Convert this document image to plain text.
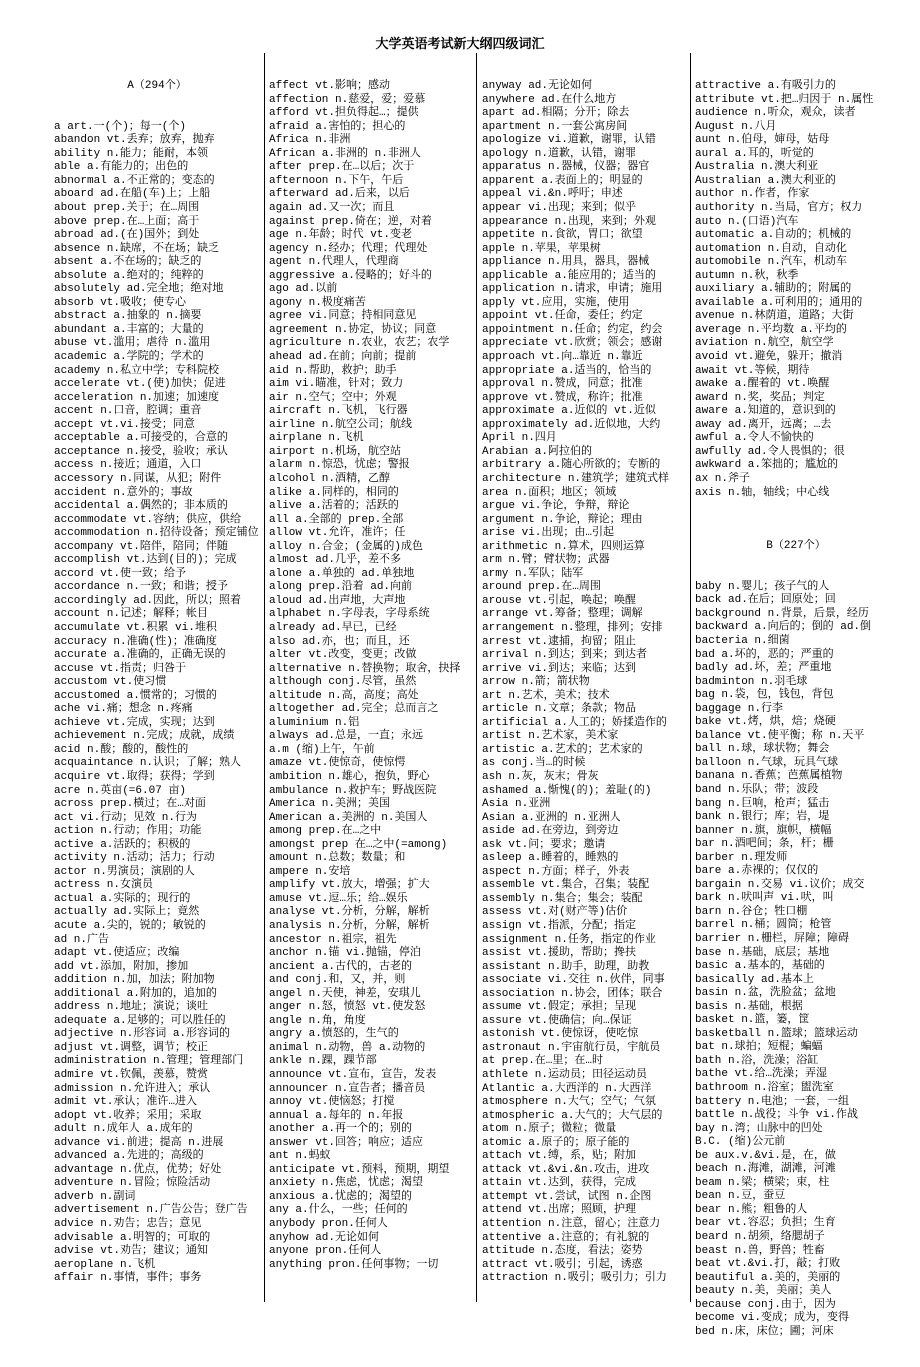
大学英语考试新大纲四级词汇

A（294个）

a art.一(个)；每一(个)
abandon vt.丢弃；放弃，抛弃
ability n.能力；能耐，本领
able a.有能力的；出色的
abnormal a.不正常的；变态的
aboard ad.在船(车)上；上船
about prep.关于；在…周围
above prep.在…上面；高于
abroad ad.(在)国外；到处
absence n.缺席，不在场；缺乏
absent a.不在场的；缺乏的
absolute a.绝对的；纯粹的
absolutely ad.完全地；绝对地
absorb vt.吸收；使专心
abstract a.抽象的 n.摘要
abundant a.丰富的；大量的
abuse vt.滥用；虐待 n.滥用
academic a.学院的；学术的
academy n.私立中学；专科院校
accelerate vt.(使)加快；促进
acceleration n.加速；加速度
accent n.口音，腔调；重音
accept vt.vi.接受；同意
acceptable a.可接受的，合意的
acceptance n.接受，验收；承认
access n.接近；通道，入口
accessory n.同谋，从犯；附件
accident n.意外的；事故
accidental a.偶然的；非本质的
accommodate vt.容纳；供应，供给
accommodation n.招待设备；预定铺位
accompany vt.陪伴，陪同；伴随
accomplish vt.达到(目的)；完成
accord vt.使一致；给予
accordance n.一致；和谐；授予
accordingly ad.因此，所以；照着
account n.记述；解释；帐目
accumulate vt.积累 vi.堆积
accuracy n.准确(性)；准确度
accurate a.准确的，正确无误的
accuse vt.指责；归咎于
accustom vt.使习惯
accustomed a.惯常的；习惯的
ache vi.痛；想念 n.疼痛
achieve vt.完成，实现；达到
achievement n.完成；成就，成绩
acid n.酸；酸的，酸性的
acquaintance n.认识；了解；熟人
acquire vt.取得；获得；学到
acre n.英亩(=6.07 亩)
across prep.横过；在…对面
act vi.行动；见效 n.行为
action n.行动；作用；功能
active a.活跃的；积极的
activity n.活动；活力；行动
actor n.男演员；演剧的人
actress n.女演员
actual a.实际的；现行的
actually ad.实际上；竟然
acute a.尖的，锐的；敏锐的
ad n.广告
adapt vt.使适应；改编
add vt.添加，附加，掺加
addition n.加，加法；附加物
additional a.附加的，追加的
address n.地址；演说；谈吐
adequate a.足够的；可以胜任的
adjective n.形容词 a.形容词的
adjust vt.调整，调节；校正
administration n.管理；管理部门
admire vt.钦佩，羡慕，赞赏
admission n.允许进入；承认
admit vt.承认；准许…进入
adopt vt.收养；采用；采取
adult n.成年人 a.成年的
advance vi.前进；提高 n.进展
advanced a.先进的；高级的
advantage n.优点，优势；好处
adventure n.冒险；惊险活动
adverb n.副词
advertisement n.广告公告；登广告
advice n.劝告；忠告；意见
advisable a.明智的；可取的
advise vt.劝告；建议；通知
aeroplane n.飞机
affair n.事情，事件；事务

affect vt.影响；感动
affection n.慈爱，爱；爱慕
afford vt.担负得起…；提供
afraid a.害怕的；担心的
Africa n.非洲
African a.非洲的 n.非洲人
after prep.在…以后；次于
afternoon n.下午，午后
afterward ad.后来，以后
again ad.又一次；而且
against prep.倚在；逆，对着
age n.年龄；时代 vt.变老
agency n.经办；代理；代理处
agent n.代理人，代理商
aggressive a.侵略的；好斗的
ago ad.以前
agony n.极度痛苦
agree vi.同意；持相同意见
agreement n.协定，协议；同意
agriculture n.农业，农艺；农学
ahead ad.在前；向前；提前
aid n.帮助，救护；助手
aim vi.瞄准，针对；致力
air n.空气；空中；外观
aircraft n.飞机，飞行器
airline n.航空公司；航线
airplane n.飞机
airport n.机场，航空站
alarm n.惊恐，忧虑；警报
alcohol n.酒精，乙醇
alike a.同样的，相同的
alive a.活着的；活跃的
all a.全部的 prep.全部
allow vt.允许，准许；任
alloy n.合金；(金属的)成色
almost ad.几乎，差不多
alone a.单独的 ad.单独地
along prep.沿着 ad.向前
aloud ad.出声地，大声地
alphabet n.字母表，字母系统
already ad.早已，已经
also ad.亦，也；而且，还
alter vt.改变，变更；改做
alternative n.替换物；取舍，抉择
although conj.尽管，虽然
altitude n.高，高度；高处
altogether ad.完全；总而言之
aluminium n.铝
always ad.总是，一直；永远
a.m (缩)上午，午前
amaze vt.使惊奇，使惊愕
ambition n.雄心，抱负，野心
ambulance n.救护车；野战医院
America n.美洲；美国
American a.美洲的 n.美国人
among prep.在…之中
amongst prep 在…之中(=among)
amount n.总数；数量；和
ampere n.安培
amplify vt.放大，增强；扩大
amuse vt.逗…乐；给…娱乐
analyse vt.分析，分解，解析
analysis n.分析，分解，解析
ancestor n.祖宗，祖先
anchor n.锚 vi.抛锚，停泊
ancient a.古代的，古老的
and conj.和，又，并，则
angel n.天使，神差，安琪儿
anger n.怒，愤怒 vt.使发怒
angle n.角，角度
angry a.愤怒的，生气的
animal n.动物，兽 a.动物的
ankle n.踝，踝节部
announce vt.宣布，宣告，发表
announcer n.宣告者；播音员
annoy vt.使恼怒；打搅
annual a.每年的 n.年报
another a.再一个的；别的
answer vt.回答；响应；适应
ant n.蚂蚁
anticipate vt.预料，预期，期望
anxiety n.焦虑，忧虑；渴望
anxious a.忧虑的；渴望的
any a.什么，一些；任何的
anybody pron.任何人
anyhow ad.无论如何
anyone pron.任何人
anything pron.任何事物；一切

anyway ad.无论如何
anywhere ad.在什么地方
apart ad.相隔；分开；除去
apartment n.一套公寓房间
apologize vi.道歉，谢罪，认错
apology n.道歉，认错，谢罪
apparatus n.器械，仪器；器官
apparent a.表面上的；明显的
appeal vi.&n.呼吁；申述
appear vi.出现；来到；似乎
appearance n.出现，来到；外观
appetite n.食欲，胃口；欲望
apple n.苹果，苹果树
appliance n.用具，器具，器械
applicable a.能应用的；适当的
application n.请求，申请；施用
apply vt.应用，实施，使用
appoint vt.任命，委任；约定
appointment n.任命；约定，约会
appreciate vt.欣赏；领会；感谢
approach vt.向…靠近 n.靠近
appropriate a.适当的，恰当的
approval n.赞成，同意；批准
approve vt.赞成，称许；批准
approximate a.近似的 vt.近似
approximately ad.近似地，大约
April n.四月
Arabian a.阿拉伯的
arbitrary a.随心所欲的；专断的
architecture n.建筑学；建筑式样
area n.面积；地区；领域
argue vi.争论，争辩，辩论
argument n.争论，辩论；理由
arise vi.出现；由…引起
arithmetic n.算术，四则运算
arm n.臂；臂状物；武器
army n.军队；陆军
around prep.在…周围
arouse vt.引起，唤起；唤醒
arrange vt.筹备；整理；调解
arrangement n.整理，排列；安排
arrest vt.逮捕，拘留；阻止
arrival n.到达；到来；到达者
arrive vi.到达；来临；达到
arrow n.箭；箭状物
art n.艺术，美术；技术
article n.文章；条款；物品
artificial a.人工的；娇揉造作的
artist n.艺术家，美术家
artistic a.艺术的；艺术家的
as conj.当…的时候
ash n.灰，灰末；骨灰
ashamed a.惭愧(的)；羞耻(的)
Asia n.亚洲
Asian a.亚洲的 n.亚洲人
aside ad.在旁边，到旁边
ask vt.问；要求；邀请
asleep a.睡着的，睡熟的
aspect n.方面；样子，外表
assemble vt.集合，召集；装配
assembly n.集合；集会；装配
assess vt.对(财产等)估价
assign vt.指派，分配；指定
assignment n.任务，指定的作业
assist vt.援助，帮助；搀扶
assistant n.助手，助理，助教
associate vi.交往 n.伙伴，同事
association n.协会，团体；联合
assume vt.假定；承担；呈现
assure vt.使确信；向…保证
astonish vt.使惊讶，使吃惊
astronaut n.宇宙航行员，宇航员
at prep.在…里；在…时
athlete n.运动员；田径运动员
Atlantic a.大西洋的 n.大西洋
atmosphere n.大气；空气；气氛
atmospheric a.大气的；大气层的
atom n.原子；微粒；微量
atomic a.原子的；原子能的
attach vt.缚，系，贴；附加
attack vt.&vi.&n.攻击，进攻
attain vt.达到，获得，完成
attempt vt.尝试，试图 n.企图
attend vt.出席；照顾，护理
attention n.注意，留心；注意力
attentive a.注意的；有礼貌的
attitude n.态度，看法；姿势
attract vt.吸引；引起，诱惑
attraction n.吸引；吸引力；引力

attractive a.有吸引力的
attribute vt.把…归因于 n.属性
audience n.听众，观众，读者
August n.八月
aunt n.伯母，婶母，姑母
aural a.耳的，听觉的
Australia n.澳大利亚
Australian a.澳大利亚的
author n.作者，作家
authority n.当局，官方；权力
auto n.(口语)汽车
automatic a.自动的；机械的
automation n.自动，自动化
automobile n.汽车，机动车
autumn n.秋，秋季
auxiliary a.辅助的；附属的
available a.可利用的；通用的
avenue n.林荫道，道路；大街
average n.平均数 a.平均的
aviation n.航空，航空学
avoid vt.避免，躲开；撤消
await vt.等候，期待
awake a.醒着的 vt.唤醒
award n.奖，奖品；判定
aware a.知道的，意识到的
away ad.离开，远离；…去
awful a.令人不愉快的
awfully ad.令人畏惧的；很
awkward a.笨拙的；尴尬的
ax n.斧子
axis n.轴，轴线；中心线

B（227个）

baby n.婴儿；孩子气的人
back ad.在后；回原处；回
background n.背景，后景，经历
backward a.向后的；倒的 ad.倒
bacteria n.细菌
bad a.坏的，恶的；严重的
badly ad.坏，差；严重地
badminton n.羽毛球
bag n.袋，包，钱包，背包
baggage n.行李
bake vt.烤，烘，焙；烧硬
balance vt.使平衡；称 n.天平
ball n.球，球状物；舞会
balloon n.气球，玩具气球
banana n.香蕉；芭蕉属植物
band n.乐队；带；波段
bang n.巨响，枪声；猛击
bank n.银行；库；岩，堤
banner n.旗，旗帜，横幅
bar n.酒吧间；条，杆；栅
barber n.理发师
bare a.赤裸的；仅仅的
bargain n.交易 vi.议价；成交
bark n.吠叫声 vi.吠，叫
barn n.谷仓；牲口棚
barrel n.桶；圆筒；枪管
barrier n.栅栏，屏障；障碍
base n.基础，底层；基地
basic a.基本的，基础的
basically ad.基本上
basin n.盆，洗脸盆；盆地
basis n.基础，根据
basket n.篮，篓，筐
basketball n.篮球；篮球运动
bat n.球拍；短棍；蝙蝠
bath n.浴，洗澡；浴缸
bathe vt.给…洗澡；弄湿
bathroom n.浴室；盥洗室
battery n.电池；一套，一组
battle n.战役；斗争 vi.作战
bay n.湾；山脉中的凹处
B.C. (缩)公元前
be aux.v.&vi.是，在，做
beach n.海滩，湖滩，河滩
beam n.梁；横梁；束，柱
bean n.豆，蚕豆
bear n.熊；粗鲁的人
bear vt.容忍；负担；生育
beard n.胡须，络腮胡子
beast n.兽，野兽；牲畜
beat vt.&vi.打，敲；打败
beautiful a.美的，美丽的
beauty n.美，美丽；美人
because conj.由于，因为
become vi.变成；成为，变得
bed n.床，床位；圃；河床
